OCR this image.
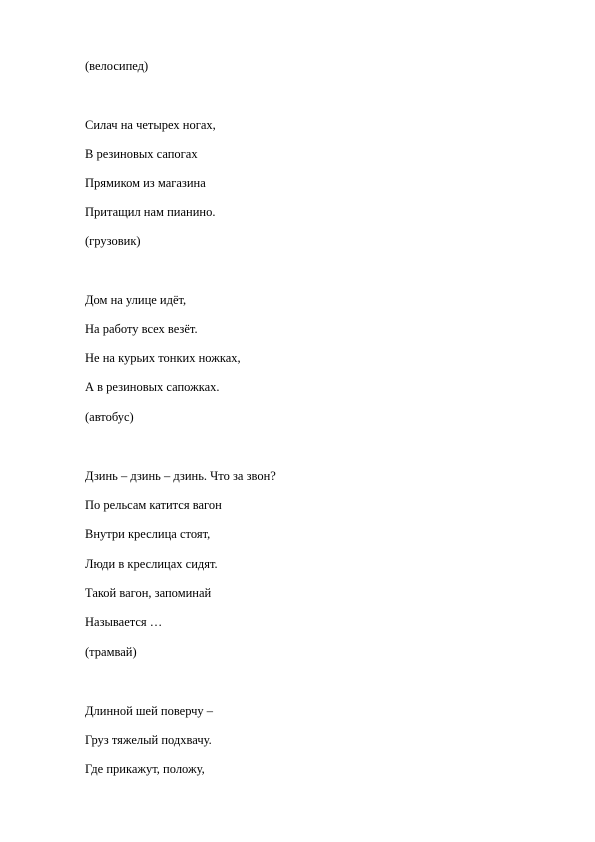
(велосипед)
Силач на четырех ногах,
В резиновых сапогах
Прямиком из магазина
Притащил нам пианино.
(грузовик)
Дом на улице идёт,
На работу всех везёт.
Не на курьих тонких ножках,
А в резиновых сапожках.
(автобус)
Дзинь – дзинь – дзинь. Что за звон?
По рельсам катится вагон
Внутри креслица стоят,
Люди в креслицах сидят.
Такой вагон, запоминай
Называется …
(трамвай)
Длинной шей поверчу –
Груз тяжелый подхвачу.
Где прикажут, положу,
